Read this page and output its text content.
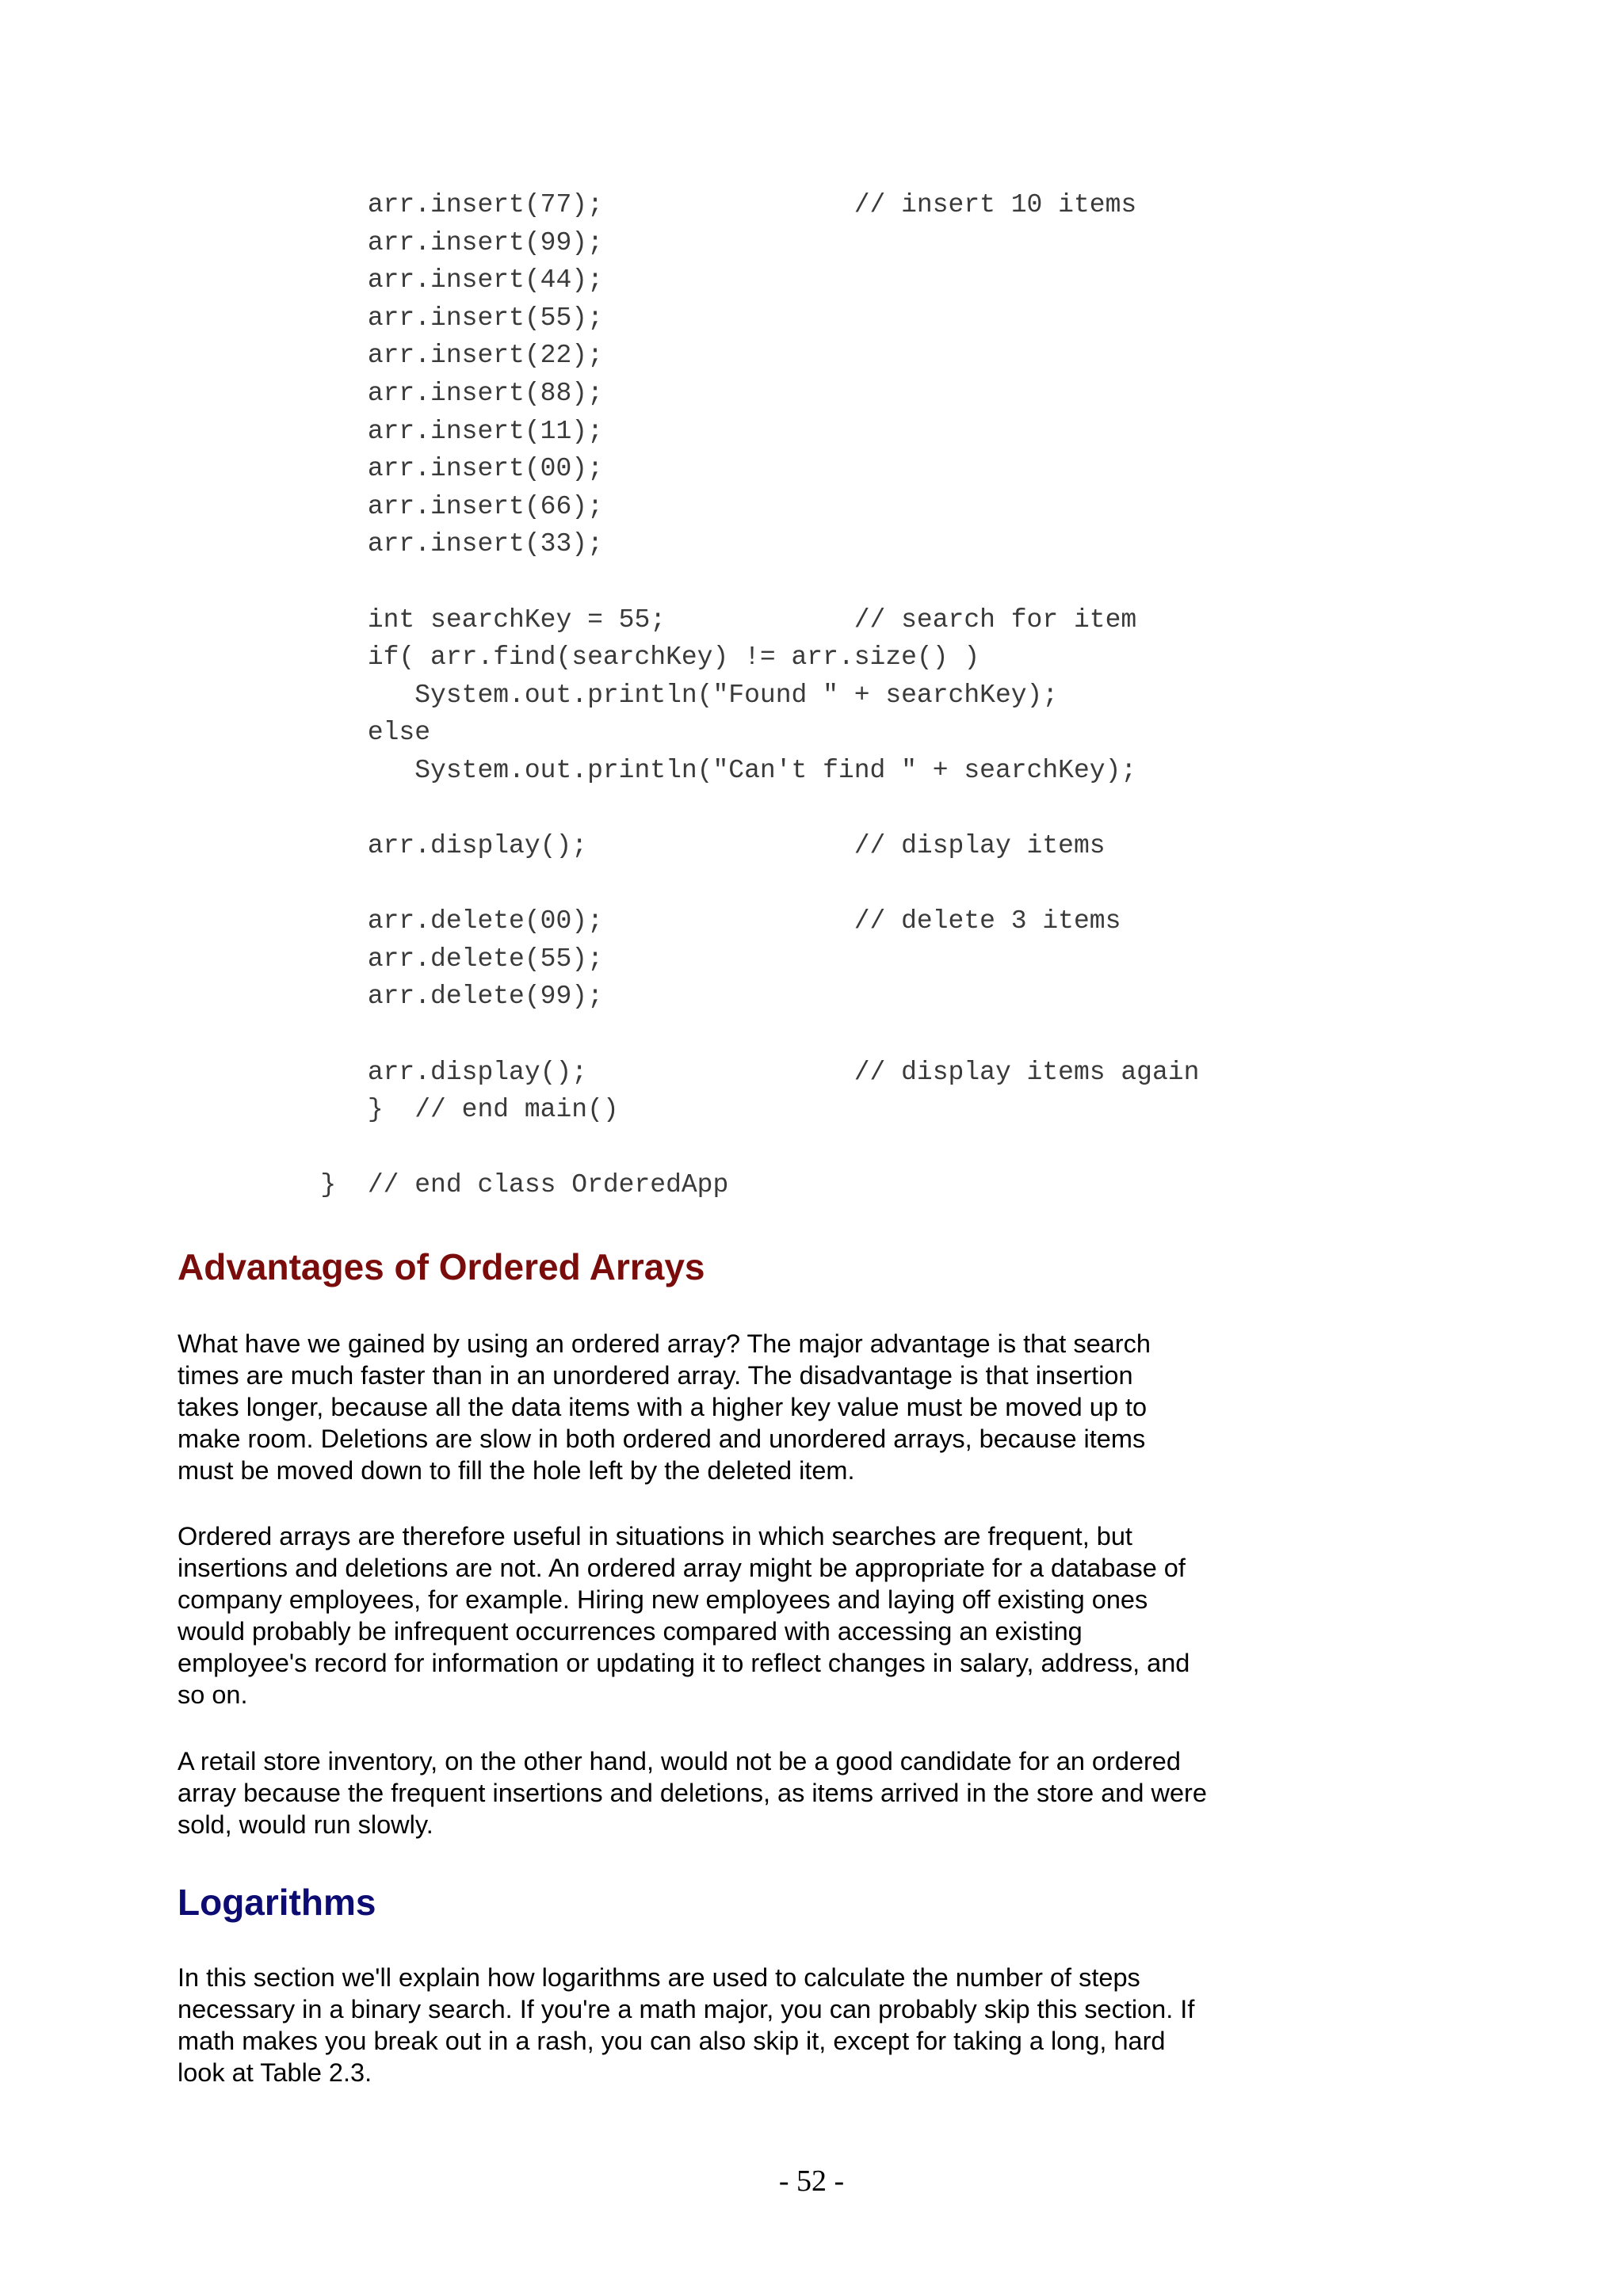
arr.insert(77);                // insert 10 items
arr.insert(99);
arr.insert(44);
arr.insert(55);
arr.insert(22);
arr.insert(88);
arr.insert(11);
arr.insert(00);
arr.insert(66);
arr.insert(33);
int searchKey = 55;            // search for item
if( arr.find(searchKey) != arr.size() )
System.out.println("Found " + searchKey);
else
System.out.println("Can't find " + searchKey);
arr.display();                 // display items
arr.delete(00);                // delete 3 items
arr.delete(55);
arr.delete(99);
arr.display();                 // display items again
}  // end main()
}  // end class OrderedApp
Advantages of Ordered Arrays

What have we gained by using an ordered array? The major advantage is that search
times are much faster than in an unordered array. The disadvantage is that insertion
takes longer, because all the data items with a higher key value must be moved up to
make room. Deletions are slow in both ordered and unordered arrays, because items
must be moved down to fill the hole left by the deleted item.

Ordered arrays are therefore useful in situations in which searches are frequent, but
insertions and deletions are not. An ordered array might be appropriate for a database of
company employees, for example. Hiring new employees and laying off existing ones
would probably be infrequent occurrences compared with accessing an existing
employee's record for information or updating it to reflect changes in salary, address, and
so on.

A retail store inventory, on the other hand, would not be a good candidate for an ordered
array because the frequent insertions and deletions, as items arrived in the store and were
sold, would run slowly.

Logarithms

In this section we'll explain how logarithms are used to calculate the number of steps
necessary in a binary search. If you're a math major, you can probably skip this section. If
math makes you break out in a rash, you can also skip it, except for taking a long, hard
look at Table 2.3.

- 52 -
